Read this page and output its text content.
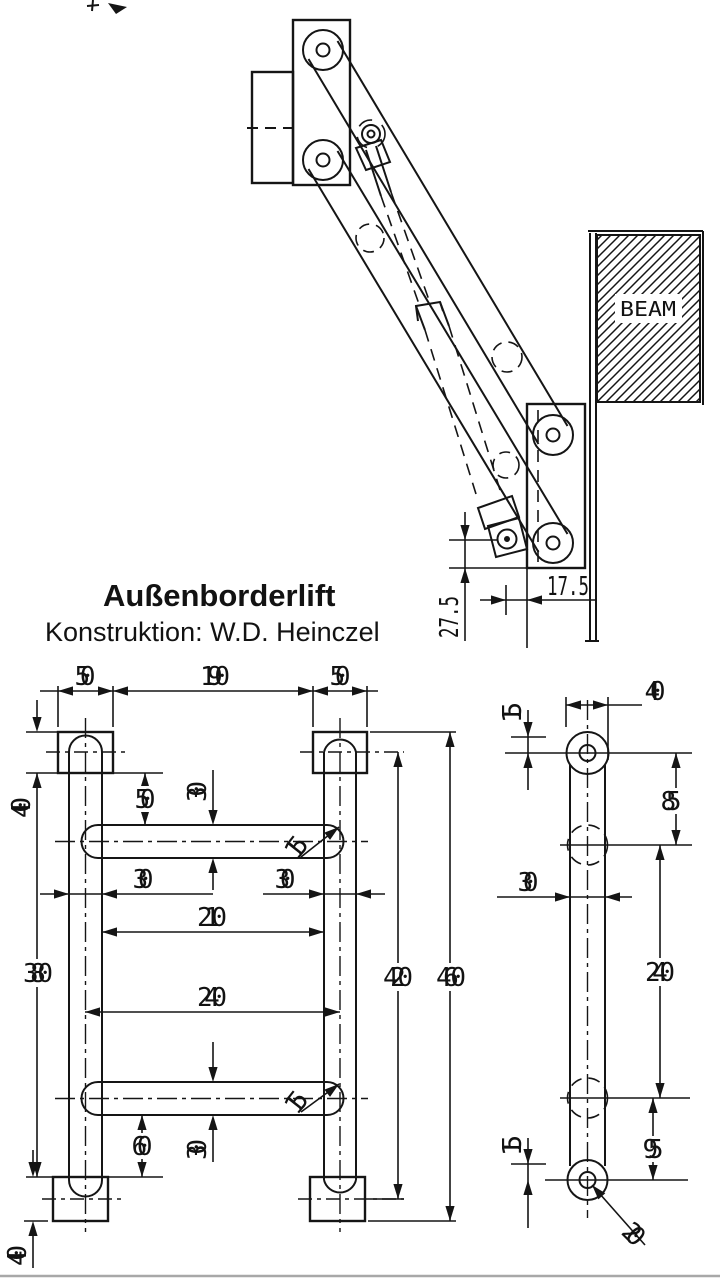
BEAM
17.5
27.5
Außenborderlift
Konstruktion: W.D. Heinczel
50	190	50
40
380
40
50 30
30	30
210
240
60 30
420 460
15
15
15
40
85
30
240
95
15
20
